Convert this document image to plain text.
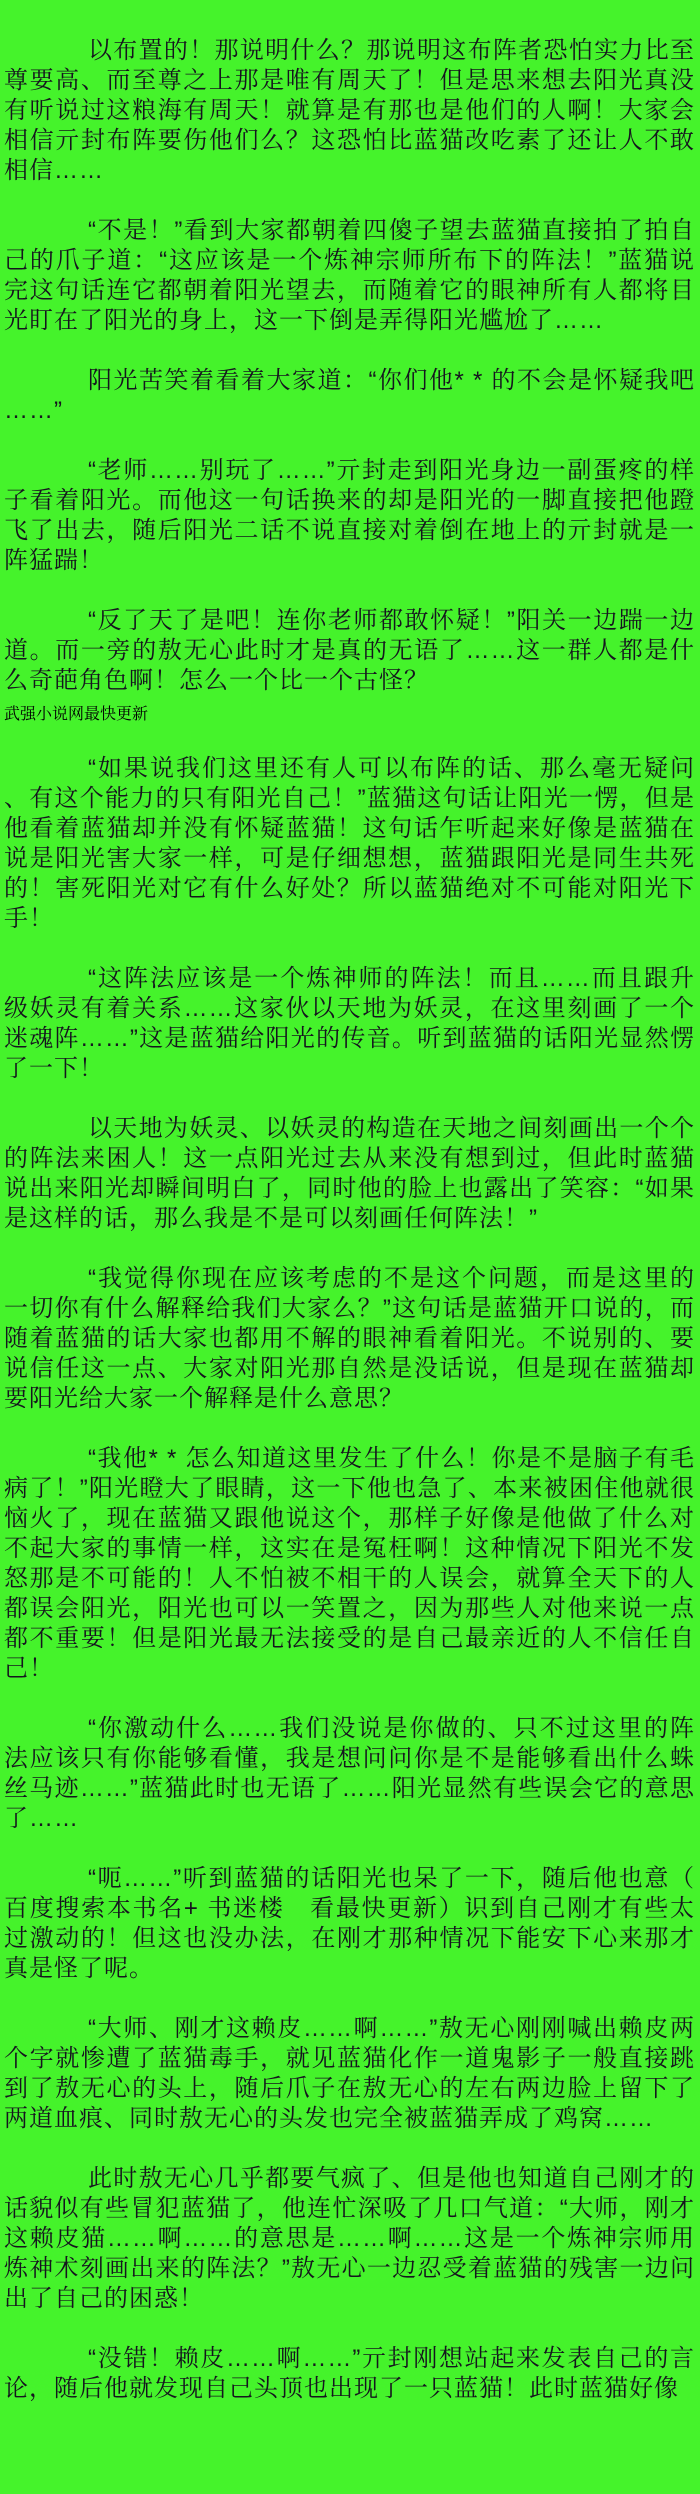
以布置的！那说明什么？那说明这布阵者恐怕实力比至尊要高、而至尊之上那是唯有周天了！但是思来想去阳光真没有听说过这粮海有周天！就算是有那也是他们的人啊！大家会相信亓封布阵要伤他们么？这恐怕比蓝猫改吃素了还让人不敢相信……

“不是！”看到大家都朝着四傻子望去蓝猫直接拍了拍自己的爪子道：“这应该是一个炼神宗师所布下的阵法！”蓝猫说完这句话连它都朝着阳光望去，而随着它的眼神所有人都将目光盯在了阳光的身上，这一下倒是弄得阳光尴尬了……

阳光苦笑着看着大家道：“你们他* * 的不会是怀疑我吧……”

“老师……别玩了……”亓封走到阳光身边一副蛋疼的样子看着阳光。而他这一句话换来的却是阳光的一脚直接把他蹬飞了出去，随后阳光二话不说直接对着倒在地上的亓封就是一阵猛踹！

“反了天了是吧！连你老师都敢怀疑！”阳关一边踹一边道。而一旁的敖无心此时才是真的无语了……这一群人都是什么奇葩角色啊！怎么一个比一个古怪？

武强小说网最快更新

“如果说我们这里还有人可以布阵的话、那么毫无疑问、有这个能力的只有阳光自己！”蓝猫这句话让阳光一愣，但是他看着蓝猫却并没有怀疑蓝猫！这句话乍听起来好像是蓝猫在说是阳光害大家一样，可是仔细想想，蓝猫跟阳光是同生共死的！害死阳光对它有什么好处？所以蓝猫绝对不可能对阳光下手！

“这阵法应该是一个炼神师的阵法！而且……而且跟升级妖灵有着关系……这家伙以天地为妖灵，在这里刻画了一个迷魂阵……”这是蓝猫给阳光的传音。听到蓝猫的话阳光显然愣了一下！

以天地为妖灵、以妖灵的构造在天地之间刻画出一个个的阵法来困人！这一点阳光过去从来没有想到过，但此时蓝猫说出来阳光却瞬间明白了，同时他的脸上也露出了笑容：“如果是这样的话，那么我是不是可以刻画任何阵法！”

“我觉得你现在应该考虑的不是这个问题，而是这里的一切你有什么解释给我们大家么？”这句话是蓝猫开口说的，而随着蓝猫的话大家也都用不解的眼神看着阳光。不说别的、要说信任这一点、大家对阳光那自然是没话说，但是现在蓝猫却要阳光给大家一个解释是什么意思？

“我他* * 怎么知道这里发生了什么！你是不是脑子有毛病了！”阳光瞪大了眼睛，这一下他也急了、本来被困住他就很恼火了，现在蓝猫又跟他说这个，那样子好像是他做了什么对不起大家的事情一样，这实在是冤枉啊！这种情况下阳光不发怒那是不可能的！人不怕被不相干的人误会，就算全天下的人都误会阳光，阳光也可以一笑置之，因为那些人对他来说一点都不重要！但是阳光最无法接受的是自己最亲近的人不信任自己！

“你激动什么……我们没说是你做的、只不过这里的阵法应该只有你能够看懂，我是想问问你是不是能够看出什么蛛丝马迹……”蓝猫此时也无语了……阳光显然有些误会它的意思了……

“呃……”听到蓝猫的话阳光也呆了一下，随后他也意（百度搜索本书名+ 书迷楼　看最快更新）识到自己刚才有些太过激动的！但这也没办法，在刚才那种情况下能安下心来那才真是怪了呢。

“大师、刚才这赖皮……啊……”敖无心刚刚喊出赖皮两个字就惨遭了蓝猫毒手，就见蓝猫化作一道鬼影子一般直接跳到了敖无心的头上，随后爪子在敖无心的左右两边脸上留下了两道血痕、同时敖无心的头发也完全被蓝猫弄成了鸡窝……

此时敖无心几乎都要气疯了、但是他也知道自己刚才的话貌似有些冒犯蓝猫了，他连忙深吸了几口气道：“大师，刚才这赖皮猫……啊……的意思是……啊……这是一个炼神宗师用炼神术刻画出来的阵法？”敖无心一边忍受着蓝猫的残害一边问出了自己的困惑！

“没错！赖皮……啊……”亓封刚想站起来发表自己的言论，随后他就发现自己头顶也出现了一只蓝猫！此时蓝猫好像
